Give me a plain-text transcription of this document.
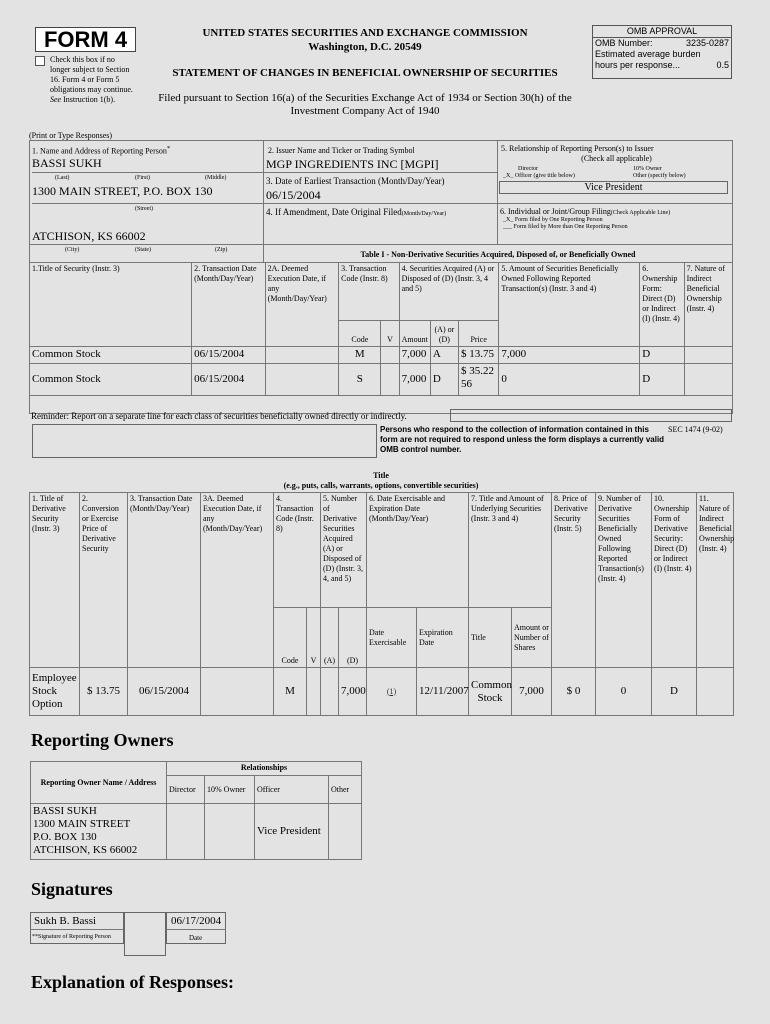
FORM 4
Check this box if no longer subject to Section 16. Form 4 or Form 5 obligations may continue. See Instruction 1(b).
UNITED STATES SECURITIES AND EXCHANGE COMMISSION
Washington, D.C. 20549
STATEMENT OF CHANGES IN BENEFICIAL OWNERSHIP OF SECURITIES
Filed pursuant to Section 16(a) of the Securities Exchange Act of 1934 or Section 30(h) of the
Investment Company Act of 1940
OMB APPROVAL
OMB Number:	3235-0287
Estimated average burden
hours per response...	0.5
(Print or Type Responses)
1. Name and Address of Reporting Person*
BASSI SUKH
(Last)	(First)	(Middle)
1300 MAIN STREET, P.O. BOX 130
(Street)
ATCHISON, KS 66002
(City)	(State)	(Zip)
2. Issuer Name and Ticker or Trading Symbol
MGP INGREDIENTS INC [MGPI]
3. Date of Earliest Transaction (Month/Day/Year)
06/15/2004
4. If Amendment, Date Original Filed(Month/Day/Year)
5. Relationship of Reporting Person(s) to Issuer
(Check all applicable)
Director	10% Owner
_X_ Officer (give title below)	Other (specify below)
Vice President
6. Individual or Joint/Group Filing(Check Applicable Line)
_X_ Form filed by One Reporting Person
___ Form filed by More than One Reporting Person
Table I - Non-Derivative Securities Acquired, Disposed of, or Beneficially Owned
1.Title of Security (Instr. 3)	2. Transaction Date (Month/Day/Year)	2A. Deemed Execution Date, if any (Month/Day/Year)	3. Transaction Code (Instr. 8)		4. Securities Acquired (A) or Disposed of (D) (Instr. 3, 4 and 5)			5. Amount of Securities Beneficially Owned Following Reported Transaction(s) (Instr. 3 and 4)	6. Ownership Form: Direct (D) or Indirect (I) (Instr. 4)	7. Nature of Indirect Beneficial Ownership (Instr. 4)
			Code	V	Amount	(A) or (D)	Price			
Common Stock	06/15/2004		M		7,000	A	$ 13.75	7,000	D	
Common Stock	06/15/2004		S		7,000	D	$ 35.2256	0	D	
Reminder: Report on a separate line for each class of securities beneficially owned directly or indirectly.
Persons who respond to the collection of information contained in this form are not required to respond unless the form displays a currently valid OMB control number.
SEC 1474 (9-02)
Title
(e.g., puts, calls, warrants, options, convertible securities)
1. Title of Derivative Security (Instr. 3)	2. Conversion or Exercise Price of Derivative Security	3. Transaction Date (Month/Day/Year)	3A. Deemed Execution Date, if any (Month/Day/Year)	4. Transaction Code (Instr. 8)		5. Number of Derivative Securities Acquired (A) or Disposed of (D) (Instr. 3, 4, and 5)		6. Date Exercisable and Expiration Date (Month/Day/Year)		7. Title and Amount of Underlying Securities (Instr. 3 and 4)		8. Price of Derivative Security (Instr. 5)	9. Number of Derivative Securities Beneficially Owned Following Reported Transaction(s) (Instr. 4)	10. Ownership Form of Derivative Security: Direct (D) or Indirect (I) (Instr. 4)	11. Nature of Indirect Beneficial Ownership (Instr. 4)
				Code	V	(A)	(D)	Date Exercisable	Expiration Date	Title	Amount or Number of Shares				
Employee Stock Option	$ 13.75	06/15/2004		M			7,000	(1)	12/11/2007	Common Stock	7,000	$ 0	0	D	
Reporting Owners
Reporting Owner Name / Address	Relationships			
	Director	10% Owner	Officer	Other

BASSI SUKH
1300 MAIN STREET
P.O. BOX 130
ATCHISON, KS 66002			Vice President	
Signatures
Sukh B. Bassi
**Signature of Reporting Person
06/17/2004
Date
Explanation of Responses:
